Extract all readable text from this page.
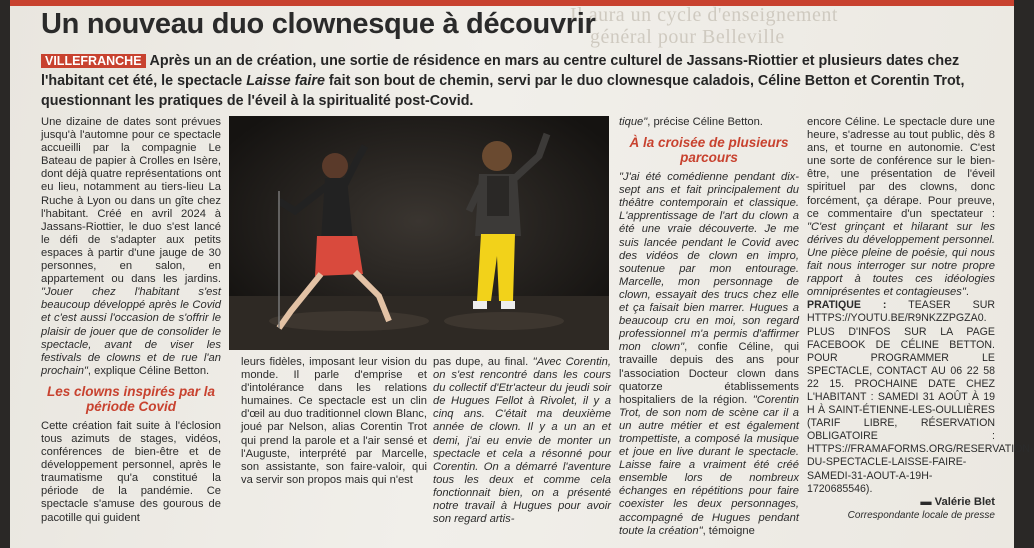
Il aura un cycle d'enseignement
général pour Belleville
Un nouveau duo clownesque à découvrir
VILLEFRANCHE Après un an de création, une sortie de résidence en mars au centre culturel de Jassans-Riottier et plusieurs dates chez l'habitant cet été, le spectacle Laisse faire fait son bout de chemin, servi par le duo clownesque caladois, Céline Betton et Corentin Trot, questionnant les pratiques de l'éveil à la spiritualité post-Covid.

Une dizaine de dates sont prévues jusqu'à l'automne pour ce spectacle accueilli par la compagnie Le Bateau de papier à Crolles en Isère, dont déjà quatre représentations ont eu lieu, notamment au tiers-lieu La Ruche à Lyon ou dans un gîte chez l'habitant. Créé en avril 2024 à Jassans-Riottier, le duo s'est lancé le défi de s'adapter aux petits espaces à partir d'une jauge de 30 personnes, en salon, en appartement ou dans les jardins. "Jouer chez l'habitant s'est beaucoup développé après le Covid et c'est aussi l'occasion de s'offrir le plaisir de jouer que de consolider le spectacle, avant de viser les festivals de clowns et de rue l'an prochain", explique Céline Betton.

Les clowns inspirés par la période Covid

Cette création fait suite à l'éclosion tous azimuts de stages, vidéos, conférences de bien-être et de développement personnel, après le traumatisme qu'a constitué la période de la pandémie. Ce spectacle s'amuse des gourous de pacotille qui guident

leurs fidèles, imposant leur vision du monde. Il parle d'emprise et d'intolérance dans les relations humaines. Ce spectacle est un clin d'œil au duo traditionnel clown Blanc, joué par Nelson, alias Corentin Trot qui prend la parole et a l'air sensé et l'Auguste, interprété par Marcelle, son assistante, son faire-valoir, qui va servir son propos mais qui n'est

pas dupe, au final. "Avec Corentin, on s'est rencontré dans les cours du collectif d'Etr'acteur du jeudi soir de Hugues Fellot à Rivolet, il y a cinq ans. C'était ma deuxième année de clown. Il y a un an et demi, j'ai eu envie de monter un spectacle et cela a résonné pour Corentin. On a démarré l'aventure tous les deux et comme cela fonctionnait bien, on a présenté notre travail à Hugues pour avoir son regard artis-

tique", précise Céline Betton.

À la croisée de plusieurs parcours

"J'ai été comédienne pendant dix-sept ans et fait principalement du théâtre contemporain et classique. L'apprentissage de l'art du clown a été une vraie découverte. Je me suis lancée pendant le Covid avec des vidéos de clown en impro, soutenue par mon entourage. Marcelle, mon personnage de clown, essayait des trucs chez elle et ça faisait bien marrer. Hugues a beaucoup cru en moi, son regard professionnel m'a permis d'affirmer mon clown", confie Céline, qui travaille depuis des ans pour l'association Docteur clown dans quatorze établissements hospitaliers de la région. "Corentin Trot, de son nom de scène car il a un autre métier et est également trompettiste, a composé la musique et joue en live durant le spectacle. Laisse faire a vraiment été créé ensemble lors de nombreux échanges en répétitions pour faire coexister les deux personnages, accompagné de Hugues pendant toute la création", témoigne

encore Céline. Le spectacle dure une heure, s'adresse au tout public, dès 8 ans, et tourne en autonomie. C'est une sorte de conférence sur le bien-être, une présentation de l'éveil spirituel par des clowns, donc forcément, ça dérape. Pour preuve, ce commentaire d'un spectateur : "C'est grinçant et hilarant sur les dérives du développement personnel. Une pièce pleine de poésie, qui nous fait nous interroger sur notre propre rapport à toutes ces idéologies omniprésentes et contagieuses".

PRATIQUE : TEASER SUR HTTPS://YOUTU.BE/R9NKZZPGZA0. PLUS D'INFOS SUR LA PAGE FACEBOOK DE CÉLINE BETTON. POUR PROGRAMMER LE SPECTACLE, CONTACT AU 06 22 58 22 15. PROCHAINE DATE CHEZ L'HABITANT : SAMEDI 31 AOÛT À 19 H À SAINT-ÉTIENNE-LES-OULLIÈRES (TARIF LIBRE, RÉSERVATION OBLIGATOIRE : HTTPS://FRAMAFORMS.ORG/RESERVATION-DU-SPECTACLE-LAISSE-FAIRE-SAMEDI-31-AOUT-A-19H-1720685546).

▬ Valérie Blet

Correspondante locale de presse
